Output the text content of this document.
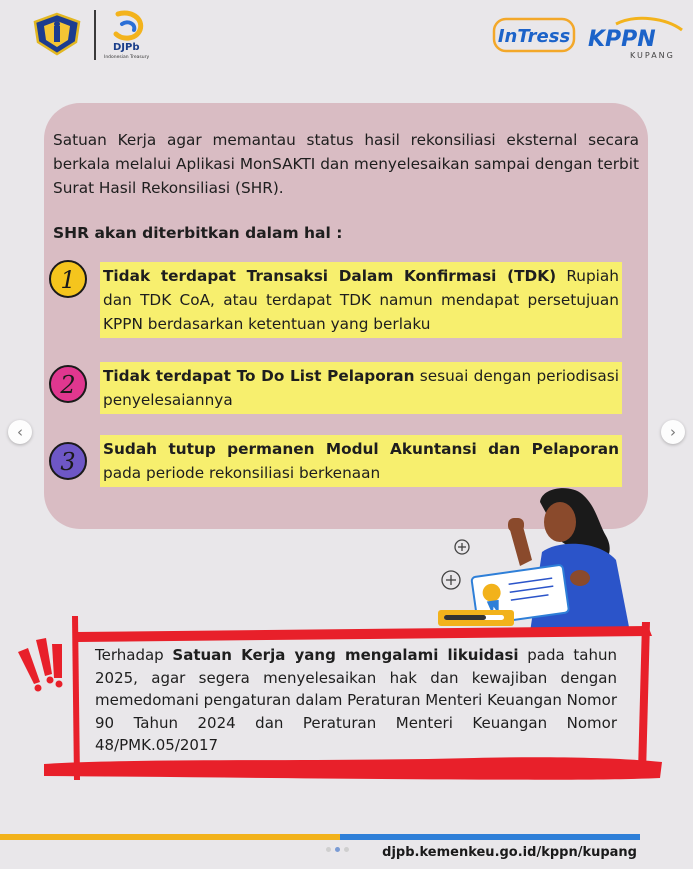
DJPb
Indonesian Treasury
InTress KPPN
KUPANG
Satuan Kerja agar memantau status hasil rekonsiliasi eksternal secara berkala melalui Aplikasi MonSAKTI dan menyelesaikan sampai dengan terbit Surat Hasil Rekonsiliasi (SHR).
SHR akan diterbitkan dalam hal :
1 Tidak terdapat Transaksi Dalam Konfirmasi (TDK) Rupiah dan TDK CoA, atau terdapat TDK namun mendapat persetujuan KPPN berdasarkan ketentuan yang berlaku
2 Tidak terdapat To Do List Pelaporan sesuai dengan periodisasi penyelesaiannya
3 Sudah tutup permanen Modul Akuntansi dan Pelaporan pada periode rekonsiliasi berkenaan
‹	›
Terhadap Satuan Kerja yang mengalami likuidasi pada tahun 2025, agar segera menyelesaikan hak dan kewajiban dengan memedomani pengaturan dalam Peraturan Menteri Keuangan Nomor 90 Tahun 2024 dan Peraturan Menteri Keuangan Nomor 48/PMK.05/2017
djpb.kemenkeu.go.id/kppn/kupang
